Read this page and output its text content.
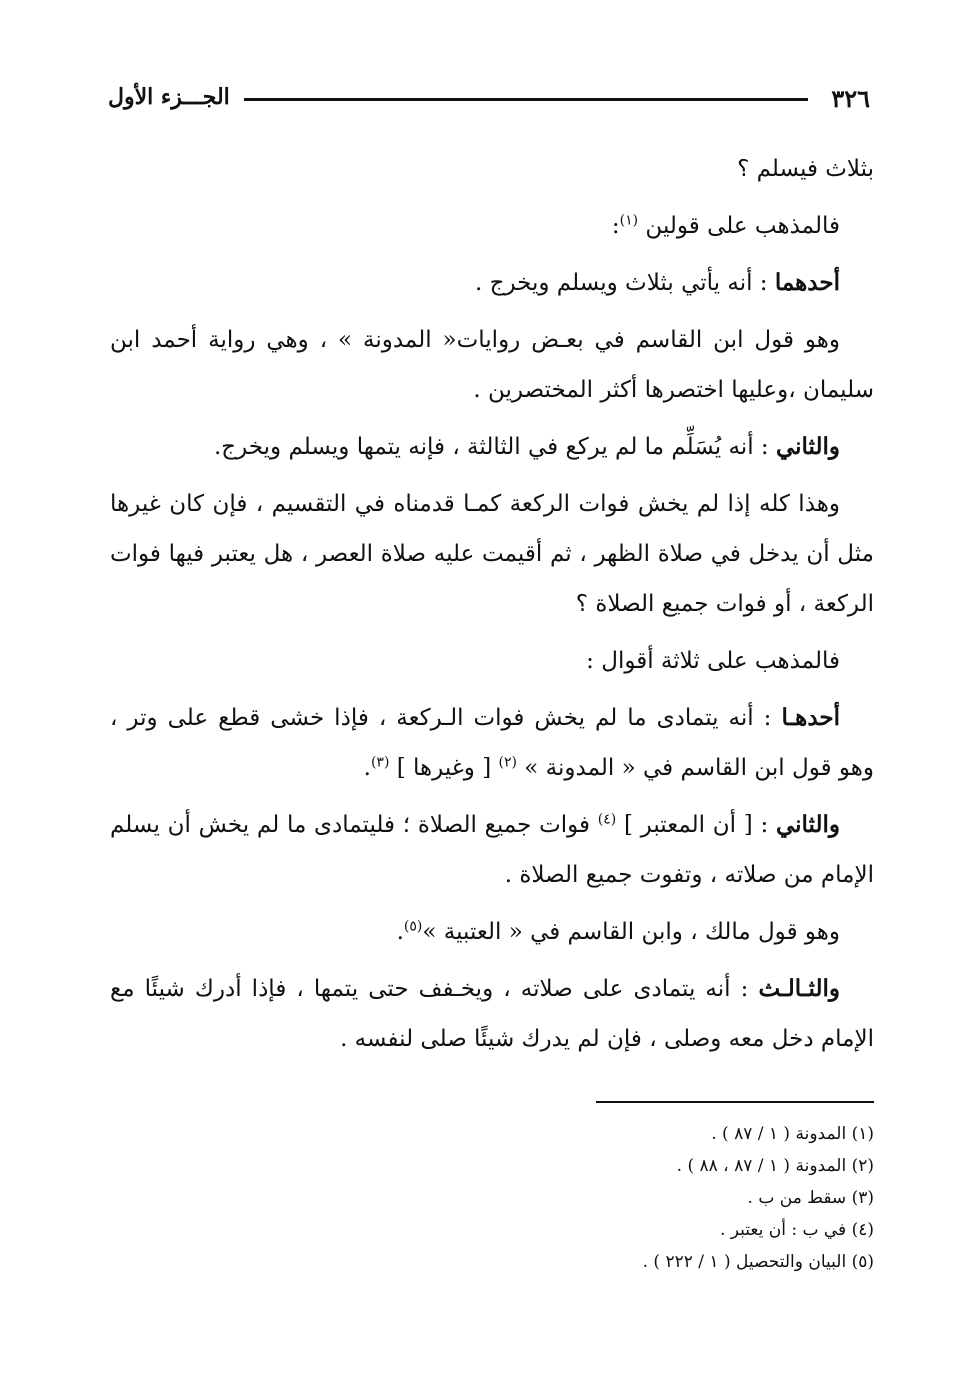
٣٢٦
الجـــزء الأول

بثلاث فيسلم ؟

فالمذهب على قولين $^{(١)}$:

أحدهما : أنه يأتي بثلاث ويسلم ويخرج .

وهو قول ابن القاسم في بعـض روايات« المدونة » ، وهي رواية أحمد ابن سليمان ،وعليها اختصرها أكثر المختصرين .

والثاني : أنه يُسَلِّم ما لم يركع في الثالثة ، فإنه يتمها ويسلم ويخرج.

وهذا كله إذا لم يخش فوات الركعة كمـا قدمناه في التقسيم ، فإن كان غيرها مثل أن يدخل في صلاة الظهر ، ثم أقيمت عليه صلاة العصر ، هل يعتبر فيها فوات الركعة ، أو فوات جميع الصلاة ؟

فالمذهب على ثلاثة أقوال :

أحدهـا : أنه يتمادى ما لم يخش فوات الـركعة ، فإذا خشى قطع على وتر ، وهو قول ابن القاسم في « المدونة » $^{(٢)}$ [ وغيرها ] $^{(٣)}$.

والثاني : [ أن المعتبر ] $^{(٤)}$ فوات جميع الصلاة ؛ فليتمادى ما لم يخش أن يسلم الإمام من صلاته ، وتفوت جميع الصلاة .

وهو قول مالك ، وابن القاسم في « العتبية »$^{(٥)}$.

والثـالـث : أنه يتمادى على صلاته ، ويخـفف حتى يتمها ، فإذا أدرك شيئًا مع الإمام دخل معه وصلى ، فإن لم يدرك شيئًا صلى لنفسه .

(١) المدونة ( ١ / ٨٧ ) .
(٢) المدونة ( ١ / ٨٧ ، ٨٨ ) .
(٣) سقط من ب .
(٤) في ب : أن يعتبر .
(٥) البيان والتحصيل ( ١ / ٢٢٢ ) .
